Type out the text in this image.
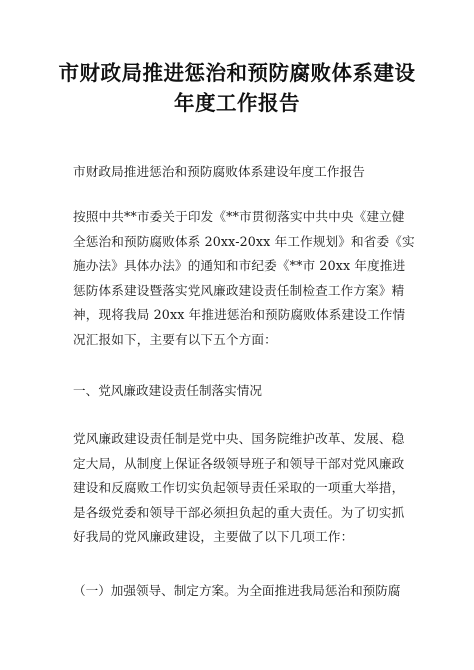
市财政局推进惩治和预防腐败体系建设
年度工作报告
市财政局推进惩治和预防腐败体系建设年度工作报告
按照中共**市委关于印发《**市贯彻落实中共中央《建立健
全惩治和预防腐败体系 20xx-20xx 年工作规划》和省委《实
施办法》具体办法》的通知和市纪委《**市 20xx 年度推进
惩防体系建设暨落实党风廉政建设责任制检查工作方案》精
神，现将我局 20xx 年推进惩治和预防腐败体系建设工作情
况汇报如下，主要有以下五个方面：
一、党风廉政建设责任制落实情况
党风廉政建设责任制是党中央、国务院维护改革、发展、稳
定大局，从制度上保证各级领导班子和领导干部对党风廉政
建设和反腐败工作切实负起领导责任采取的一项重大举措，
是各级党委和领导干部必须担负起的重大责任。为了切实抓
好我局的党风廉政建设，主要做了以下几项工作：
（一）加强领导、制定方案。为全面推进我局惩治和预防腐
